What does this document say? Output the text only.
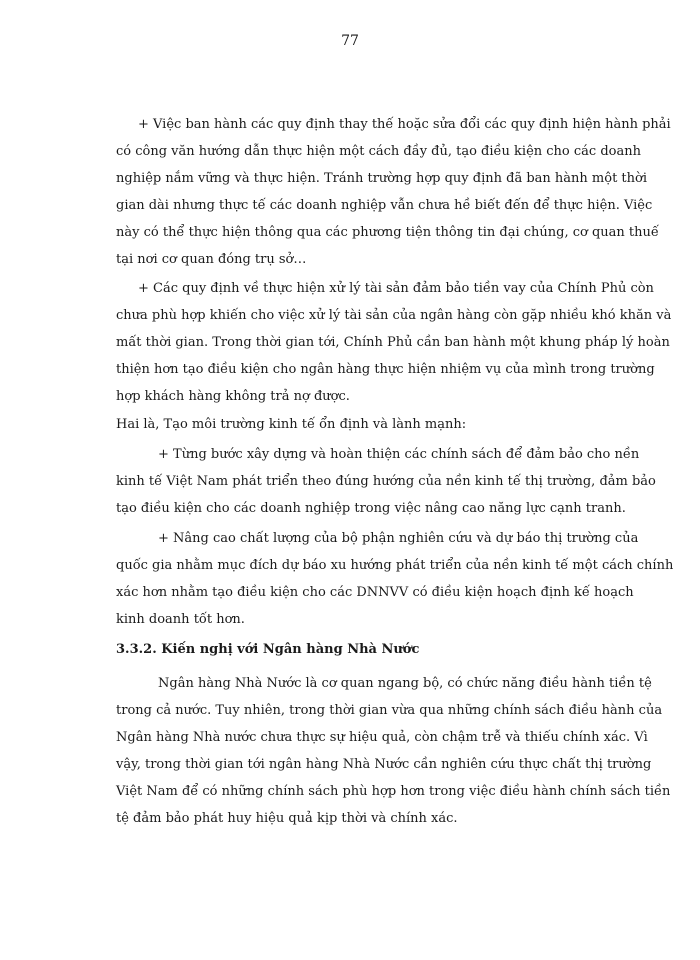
77
+ Việc ban hành các quy định thay thế hoặc sửa đổi các quy định hiện hành phải
có công văn hướng dẫn thực hiện một cách đầy đủ, tạo điều kiện cho các doanh
nghiệp nắm vững và thực hiện. Tránh trường hợp quy định đã ban hành một thời
gian dài nhưng thực tế các doanh nghiệp vẫn chưa hề biết đến để thực hiện. Việc
này có thể thực hiện thông qua các phương tiện thông tin đại chúng, cơ quan thuế
tại nơi cơ quan đóng trụ sở…
+ Các quy định về thực hiện xử lý tài sản đảm bảo tiền vay của Chính Phủ còn
chưa phù hợp khiến cho việc xử lý tài sản của ngân hàng còn gặp nhiều khó khăn và
mất thời gian. Trong thời gian tới, Chính Phủ cần ban hành một khung pháp lý hoàn
thiện hơn tạo điều kiện cho ngân hàng thực hiện nhiệm vụ của mình trong trường
hợp khách hàng không trả nợ được.
Hai là, Tạo môi trường kinh tế ổn định và lành mạnh:
+ Từng bước xây dựng và hoàn thiện các chính sách để đảm bảo cho nền
kinh tế Việt Nam phát triển theo đúng hướng của nền kinh tế thị trường, đảm bảo
tạo điều kiện cho các doanh nghiệp trong việc nâng cao năng lực cạnh tranh.
+ Nâng cao chất lượng của bộ phận nghiên cứu và dự báo thị trường của
quốc gia nhằm mục đích dự báo xu hướng phát triển của nền kinh tế một cách chính
xác hơn nhằm tạo điều kiện cho các DNNVV có điều kiện hoạch định kế hoạch
kinh doanh tốt hơn.
3.3.2. Kiến nghị với Ngân hàng Nhà Nước
Ngân hàng Nhà Nước là cơ quan ngang bộ, có chức năng điều hành tiền tệ
trong cả nước. Tuy nhiên, trong thời gian vừa qua những chính sách điều hành của
Ngân hàng Nhà nước chưa thực sự hiệu quả, còn chậm trễ và thiếu chính xác. Vì
vậy, trong thời gian tới ngân hàng Nhà Nước cần nghiên cứu thực chất thị trường
Việt Nam để có những chính sách phù hợp hơn trong việc điều hành chính sách tiền
tệ đảm bảo phát huy hiệu quả kịp thời và chính xác.
